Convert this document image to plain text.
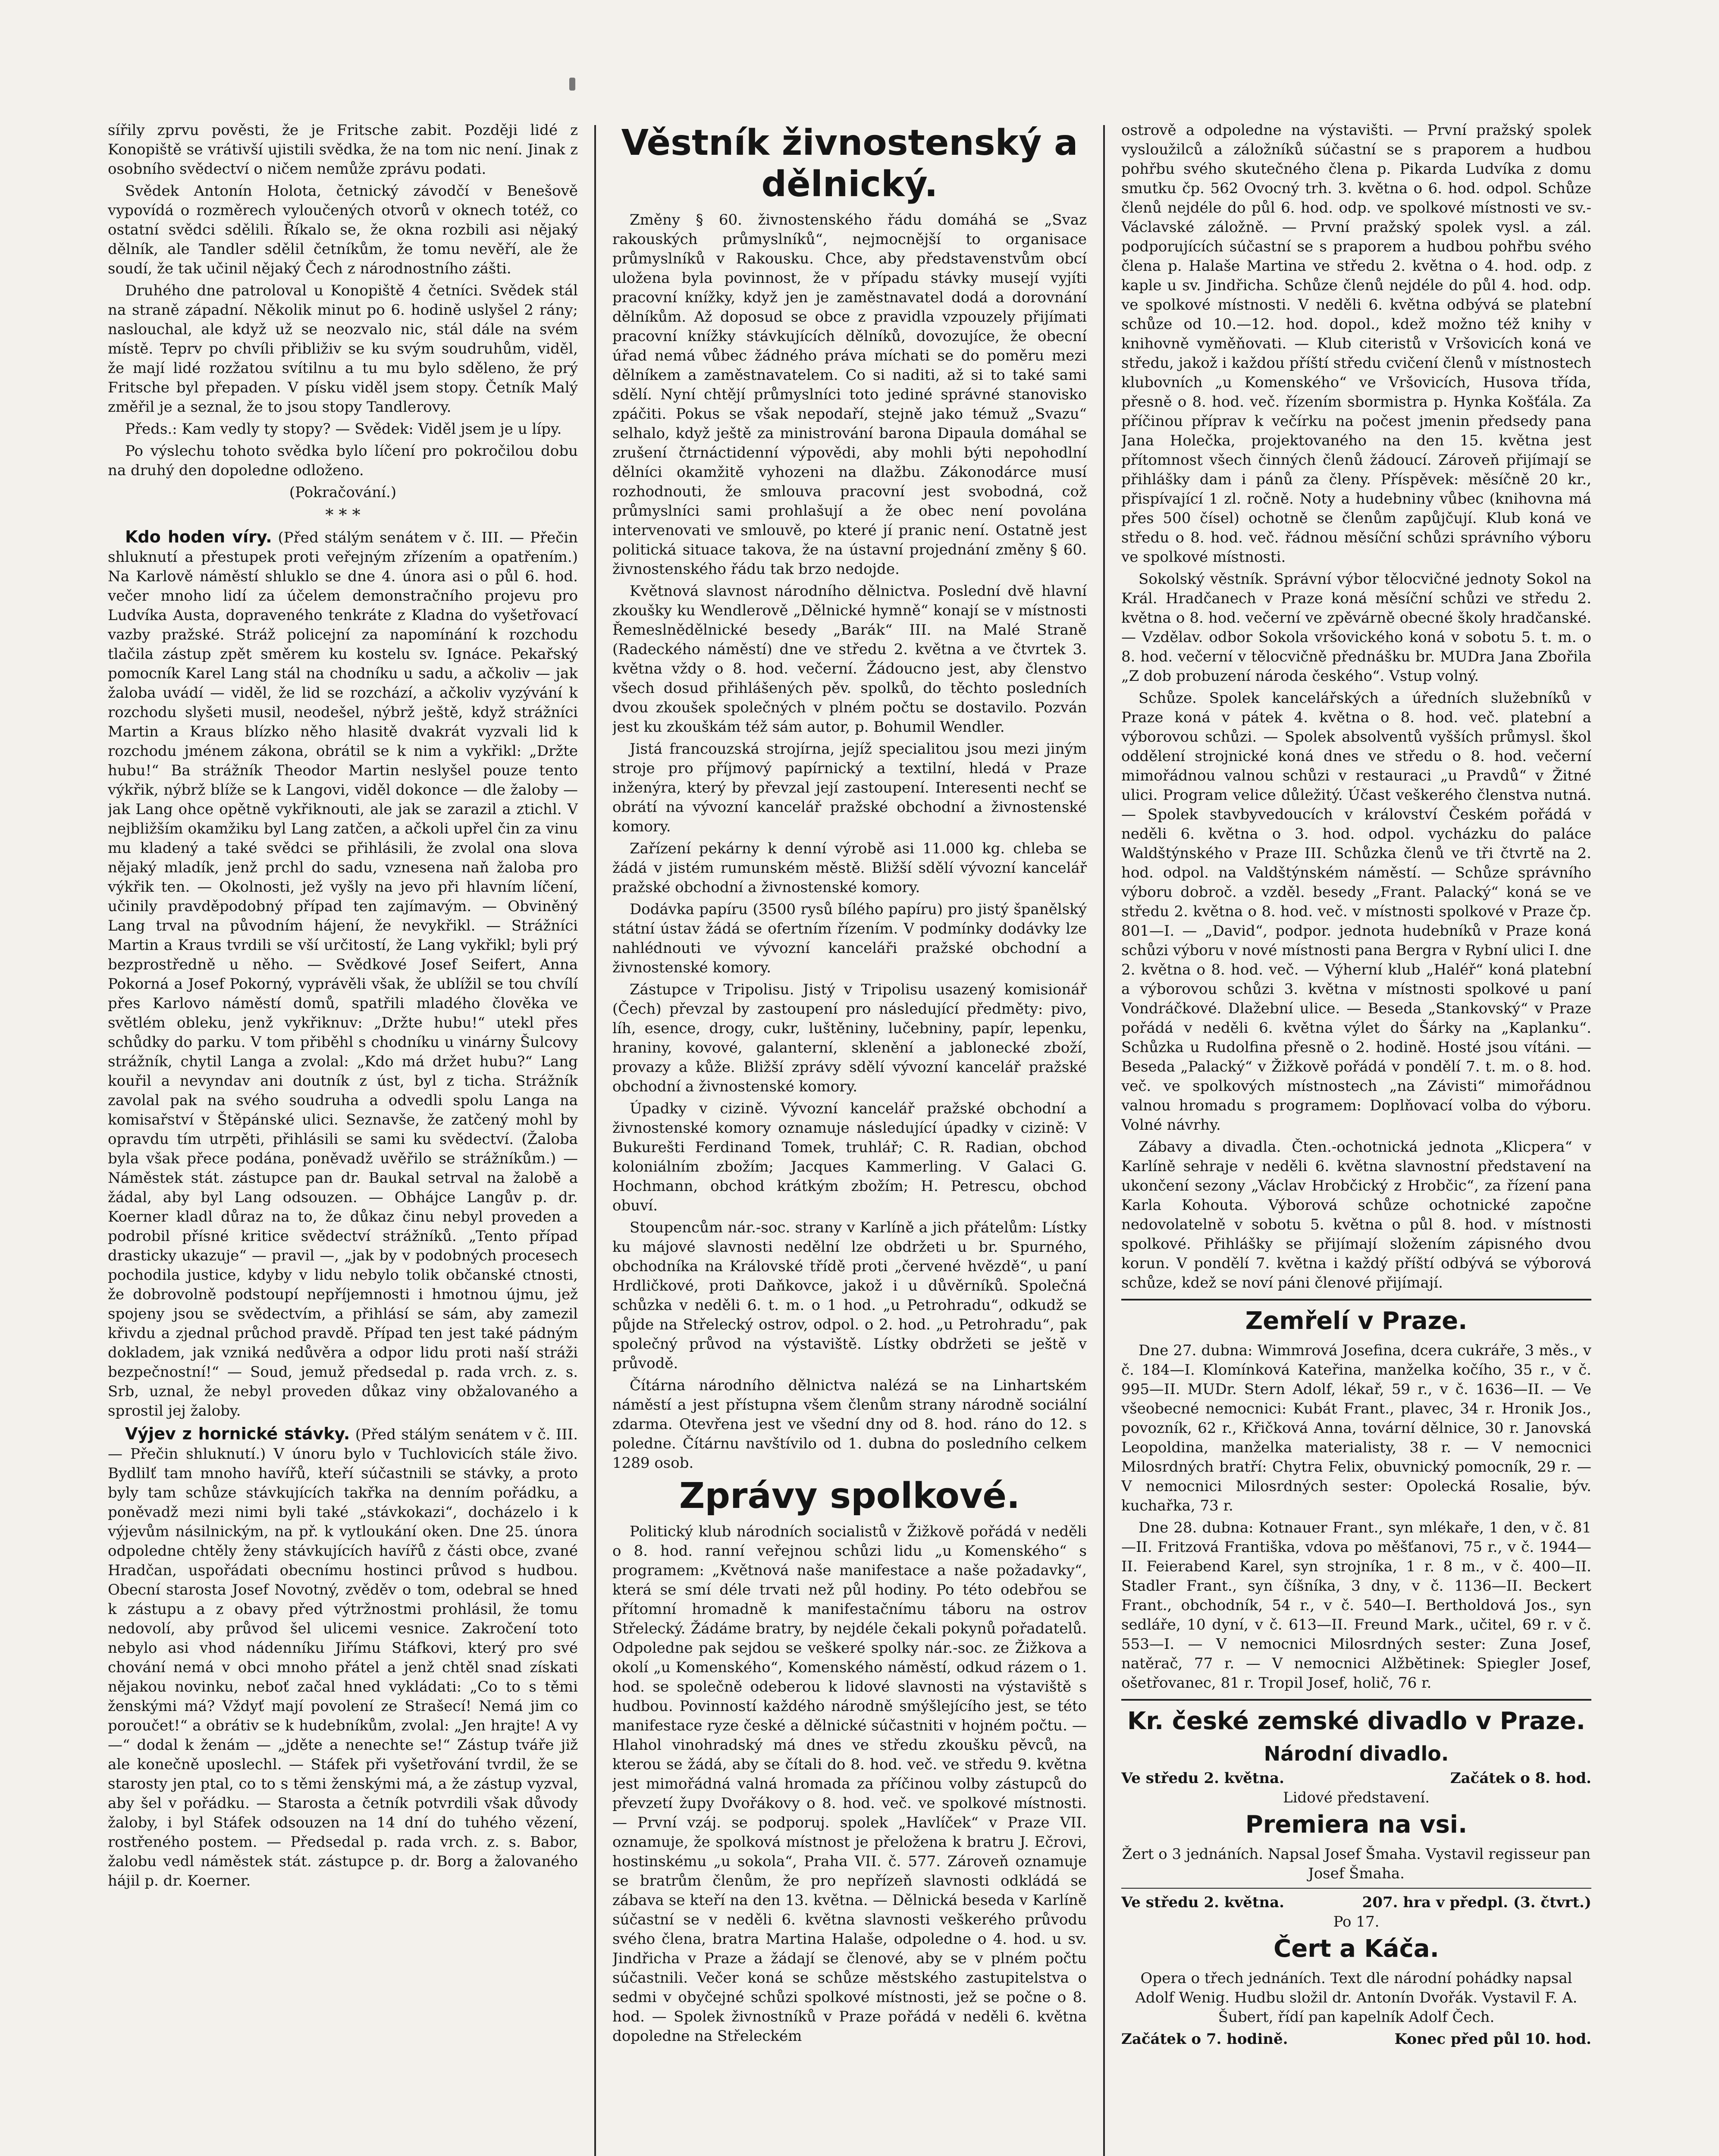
sířily zprvu pověsti, že je Fritsche zabit. Později lidé z Konopiště se vrátivší ujistili svědka, že na tom nic není. Jinak z osobního svědectví o ničem nemůže zprávu podati.

Svědek Antonín Holota, četnický závodčí v Benešově vypovídá o rozměrech vyloučených otvorů v oknech totéž, co ostatní svědci sdělili. Říkalo se, že okna rozbili asi nějaký dělník, ale Tandler sdělil četníkům, že tomu nevěří, ale že soudí, že tak učinil nějaký Čech z národnostního zášti.

Druhého dne patroloval u Konopiště 4 četníci. Svědek stál na straně západní. Několik minut po 6. hodině uslyšel 2 rány; naslouchal, ale když už se neozvalo nic, stál dále na svém místě. Teprv po chvíli přibliživ se ku svým soudruhům, viděl, že mají lidé rozžatou svítilnu a tu mu bylo sděleno, že prý Fritsche byl přepaden. V písku viděl jsem stopy. Četník Malý změřil je a seznal, že to jsou stopy Tandlerovy.

Předs.: Kam vedly ty stopy? — Svědek: Viděl jsem je u lípy.

Po výslechu tohoto svědka bylo líčení pro pokročilou dobu na druhý den dopoledne odloženo.

(Pokračování.)

* * *

Kdo hoden víry. (Před stálým senátem v č. III. — Přečin shluknutí a přestupek proti veřejným zřízením a opatřením.) Na Karlově náměstí shluklo se dne 4. února asi o půl 6. hod. večer mnoho lidí za účelem demonstračního projevu pro Ludvíka Austa, dopraveného tenkráte z Kladna do vyšetřovací vazby pražské. Stráž policejní za napomínání k rozchodu tlačila zástup zpět směrem ku kostelu sv. Ignáce. Pekařský pomocník Karel Lang stál na chodníku u sadu, a ačkoliv — jak žaloba uvádí — viděl, že lid se rozchází, a ačkoliv vyzývání k rozchodu slyšeti musil, neodešel, nýbrž ještě, když strážníci Martin a Kraus blízko něho hlasitě dvakrát vyzvali lid k rozchodu jménem zákona, obrátil se k nim a vykřikl: „Držte hubu!“ Ba strážník Theodor Martin neslyšel pouze tento výkřik, nýbrž blíže se k Langovi, viděl dokonce — dle žaloby — jak Lang ohce opětně vykřiknouti, ale jak se zarazil a ztichl. V nejbližším okamžiku byl Lang zatčen, a ačkoli upřel čin za vinu mu kladený a také svědci se přihlásili, že zvolal ona slova nějaký mladík, jenž prchl do sadu, vznesena naň žaloba pro výkřik ten. — Okolnosti, jež vyšly na jevo při hlavním líčení, učinily pravděpodobný případ ten zajímavým. — Obviněný Lang trval na původním hájení, že nevykřikl. — Strážníci Martin a Kraus tvrdili se vší určitostí, že Lang vykřikl; byli prý bezprostředně u něho. — Svědkové Josef Seifert, Anna Pokorná a Josef Pokorný, vyprávěli však, že ublížil se tou chvílí přes Karlovo náměstí domů, spatřili mladého člověka ve světlém obleku, jenž vykřiknuv: „Držte hubu!“ utekl přes schůdky do parku. V tom přiběhl s chodníku u vinárny Šulcovy strážník, chytil Langa a zvolal: „Kdo má držet hubu?“ Lang kouřil a nevyndav ani doutník z úst, byl z ticha. Strážník zavolal pak na svého soudruha a odvedli spolu Langa na komisařství v Štěpánské ulici. Seznavše, že zatčený mohl by opravdu tím utrpěti, přihlásili se sami ku svědectví. (Žaloba byla však přece podána, poněvadž uvěřilo se strážníkům.) — Náměstek stát. zástupce pan dr. Baukal setrval na žalobě a žádal, aby byl Lang odsouzen. — Obhájce Langův p. dr. Koerner kladl důraz na to, že důkaz činu nebyl proveden a podrobil přísné kritice svědectví strážníků. „Tento případ drasticky ukazuje“ — pravil —, „jak by v podobných procesech pochodila justice, kdyby v lidu nebylo tolik občanské ctnosti, že dobrovolně podstoupí nepříjemnosti i hmotnou újmu, jež spojeny jsou se svědectvím, a přihlásí se sám, aby zamezil křivdu a zjednal průchod pravdě. Případ ten jest také pádným dokladem, jak vzniká nedůvěra a odpor lidu proti naší stráži bezpečnostní!“ — Soud, jemuž předsedal p. rada vrch. z. s. Srb, uznal, že nebyl proveden důkaz viny obžalovaného a sprostil jej žaloby.

Výjev z hornické stávky. (Před stálým senátem v č. III. — Přečin shluknutí.) V únoru bylo v Tuchlovicích stále živo. Bydlilť tam mnoho havířů, kteří súčastnili se stávky, a proto byly tam schůze stávkujících takřka na denním pořádku, a poněvadž mezi nimi byli také „stávkokazi“, docházelo i k výjevům násilnickým, na př. k vytloukání oken. Dne 25. února odpoledne chtěly ženy stávkujících havířů z části obce, zvané Hradčan, uspořádati obecnímu hostinci průvod s hudbou. Obecní starosta Josef Novotný, zvěděv o tom, odebral se hned k zástupu a z obavy před výtržnostmi prohlásil, že tomu nedovolí, aby průvod šel ulicemi vesnice. Zakročení toto nebylo asi vhod nádenníku Jiřímu Stáfkovi, který pro své chování nemá v obci mnoho přátel a jenž chtěl snad získati nějakou novinku, neboť začal hned vykládati: „Co to s těmi ženskými má? Vždyť mají povolení ze Strašecí! Nemá jim co poroučet!“ a obrátiv se k hudebníkům, zvolal: „Jen hrajte! A vy —“ dodal k ženám — „jděte a nenechte se!“ Zástup tváře již ale konečně uposlechl. — Stáfek při vyšetřování tvrdil, že se starosty jen ptal, co to s těmi ženskými má, a že zástup vyzval, aby šel v pořádku. — Starosta a četník potvrdili však důvody žaloby, i byl Stáfek odsouzen na 14 dní do tuhého vězení, rostřeného postem. — Předsedal p. rada vrch. z. s. Babor, žalobu vedl náměstek stát. zástupce p. dr. Borg a žalovaného hájil p. dr. Koerner.

Věstník živnostenský a dělnický.

Změny § 60. živnostenského řádu domáhá se „Svaz rakouských průmyslníků“, nejmocnější to organisace průmyslníků v Rakousku. Chce, aby představenstvům obcí uložena byla povinnost, že v případu stávky musejí vyjíti pracovní knížky, když jen je zaměstnavatel dodá a dorovnání dělníkům. Až doposud se obce z pravidla vzpouzely přijímati pracovní knížky stávkujících dělníků, dovozujíce, že obecní úřad nemá vůbec žádného práva míchati se do poměru mezi dělníkem a zaměstnavatelem. Co si naditi, až si to také sami sdělí. Nyní chtějí průmyslníci toto jediné správné stanovisko zpáčiti. Pokus se však nepodaří, stejně jako témuž „Svazu“ selhalo, když ještě za ministrování barona Dipaula domáhal se zrušení čtrnáctidenní výpovědi, aby mohli býti nepohodlní dělníci okamžitě vyhozeni na dlažbu. Zákonodárce musí rozhodnouti, že smlouva pracovní jest svobodná, což průmyslníci sami prohlašují a že obec není povolána intervenovati ve smlouvě, po které jí pranic není. Ostatně jest politická situace takova, že na ústavní projednání změny § 60. živnostenského řádu tak brzo nedojde.

Květnová slavnost národního dělnictva. Poslední dvě hlavní zkoušky ku Wendlerově „Dělnické hymně“ konají se v místnosti Řemeslnědělnické besedy „Barák“ III. na Malé Straně (Radeckého náměstí) dne ve středu 2. května a ve čtvrtek 3. května vždy o 8. hod. večerní. Žádoucno jest, aby členstvo všech dosud přihlášených pěv. spolků, do těchto posledních dvou zkoušek společných v plném počtu se dostavilo. Pozván jest ku zkouškám též sám autor, p. Bohumil Wendler.

Jistá francouzská strojírna, jejíž specialitou jsou mezi jiným stroje pro příjmový papírnický a textilní, hledá v Praze inženýra, který by převzal její zastoupení. Interesenti nechť se obrátí na vývozní kancelář pražské obchodní a živnostenské komory.

Zařízení pekárny k denní výrobě asi 11.000 kg. chleba se žádá v jistém rumunském městě. Bližší sdělí vývozní kancelář pražské obchodní a živnostenské komory.

Dodávka papíru (3500 rysů bílého papíru) pro jistý španělský státní ústav žádá se ofertním řízením. V podmínky dodávky lze nahlédnouti ve vývozní kanceláři pražské obchodní a živnostenské komory.

Zástupce v Tripolisu. Jistý v Tripolisu usazený komisionář (Čech) převzal by zastoupení pro následující předměty: pivo, líh, esence, drogy, cukr, luštěniny, lučebniny, papír, lepenku, hraniny, kovové, galanterní, sklenění a jablonecké zboží, provazy a kůže. Bližší zprávy sdělí vývozní kancelář pražské obchodní a živnostenské komory.

Úpadky v cizině. Vývozní kancelář pražské obchodní a živnostenské komory oznamuje následující úpadky v cizině: V Bukurešti Ferdinand Tomek, truhlář; C. R. Radian, obchod koloniálním zbožím; Jacques Kammerling. V Galaci G. Hochmann, obchod krátkým zbožím; H. Petrescu, obchod obuví.

Stoupencům nár.-soc. strany v Karlíně a jich přátelům: Lístky ku májové slavnosti nedělní lze obdržeti u br. Spurného, obchodníka na Královské třídě proti „červené hvězdě“, u paní Hrdličkové, proti Daňkovce, jakož i u důvěrníků. Společná schůzka v neděli 6. t. m. o 1 hod. „u Petrohradu“, odkudž se půjde na Střelecký ostrov, odpol. o 2. hod. „u Petrohradu“, pak společný průvod na výstaviště. Lístky obdržeti se ještě v průvodě.

Čítárna národního dělnictva nalézá se na Linhartském náměstí a jest přístupna všem členům strany národně sociální zdarma. Otevřena jest ve všední dny od 8. hod. ráno do 12. s poledne. Čítárnu navštívilo od 1. dubna do posledního celkem 1289 osob.

Zprávy spolkové.

Politický klub národních socialistů v Žižkově pořádá v neděli o 8. hod. ranní veřejnou schůzi lidu „u Komenského“ s programem: „Květnová naše manifestace a naše požadavky“, která se smí déle trvati než půl hodiny. Po této odebřou se přítomní hromadně k manifestačnímu táboru na ostrov Střelecký. Žádáme bratry, by nejdéle čekali pokynů pořadatelů. Odpoledne pak sejdou se veškeré spolky nár.-soc. ze Žižkova a okolí „u Komenského“, Komenského náměstí, odkud rázem o 1. hod. se společně odeberou k lidové slavnosti na výstaviště s hudbou. Povinností každého národně smýšlejícího jest, se této manifestace ryze české a dělnické súčastniti v hojném počtu. — Hlahol vinohradský má dnes ve středu zkoušku pěvců, na kterou se žádá, aby se čítali do 8. hod. več. ve středu 9. května jest mimořádná valná hromada za příčinou volby zástupců do převzetí župy Dvořákovy o 8. hod. več. ve spolkové místnosti. — První vzáj. se podporuj. spolek „Havlíček“ v Praze VII. oznamuje, že spolková místnost je přeložena k bratru J. Ečrovi, hostinskému „u sokola“, Praha VII. č. 577. Zároveň oznamuje se bratrům členům, že pro nepřízeň slavnosti odkládá se zábava se kteří na den 13. května. — Dělnická beseda v Karlíně súčastní se v neděli 6. května slavnosti veškerého průvodu svého člena, bratra Martina Halaše, odpoledne o 4. hod. u sv. Jindřicha v Praze a žádají se členové, aby se v plném počtu súčastnili. Večer koná se schůze městského zastupitelstva o sedmi v obyčejné schůzi spolkové místnosti, jež se počne o 8. hod. — Spolek živnostníků v Praze pořádá v neděli 6. května dopoledne na Střeleckém

ostrově a odpoledne na výstavišti. — První pražský spolek vysloužilců a záložníků súčastní se s praporem a hudbou pohřbu svého skutečného člena p. Pikarda Ludvíka z domu smutku čp. 562 Ovocný trh. 3. května o 6. hod. odpol. Schůze členů nejdéle do půl 6. hod. odp. ve spolkové místnosti ve sv.-Václavské záložně. — První pražský spolek vysl. a zál. podporujících súčastní se s praporem a hudbou pohřbu svého člena p. Halaše Martina ve středu 2. května o 4. hod. odp. z kaple u sv. Jindřicha. Schůze členů nejdéle do půl 4. hod. odp. ve spolkové místnosti. V neděli 6. května odbývá se platební schůze od 10.—12. hod. dopol., kdež možno též knihy v knihovně vyměňovati. — Klub citeristů v Vršovicích koná ve středu, jakož i každou příští středu cvičení členů v místnostech klubovních „u Komenského“ ve Vršovicích, Husova třída, přesně o 8. hod. več. řízením sbormistra p. Hynka Košťála. Za příčinou příprav k večírku na počest jmenin předsedy pana Jana Holečka, projektovaného na den 15. května jest přítomnost všech činných členů žádoucí. Zároveň přijímají se přihlášky dam i pánů za členy. Příspěvek: měsíčně 20 kr., přispívající 1 zl. ročně. Noty a hudebniny vůbec (knihovna má přes 500 čísel) ochotně se členům zapůjčují. Klub koná ve středu o 8. hod. več. řádnou měsíční schůzi správního výboru ve spolkové místnosti.

Sokolský věstník. Správní výbor tělocvičné jednoty Sokol na Král. Hradčanech v Praze koná měsíční schůzi ve středu 2. května o 8. hod. večerní ve zpěvárně obecné školy hradčanské. — Vzdělav. odbor Sokola vršovického koná v sobotu 5. t. m. o 8. hod. večerní v tělocvičně přednášku br. MUDra Jana Zbořila „Z dob probuzení národa českého“. Vstup volný.

Schůze. Spolek kancelářských a úředních služebníků v Praze koná v pátek 4. května o 8. hod. več. platební a výborovou schůzi. — Spolek absolventů vyšších průmysl. škol oddělení strojnické koná dnes ve středu o 8. hod. večerní mimořádnou valnou schůzi v restauraci „u Pravdů“ v Žitné ulici. Program velice důležitý. Účast veškerého členstva nutná. — Spolek stavbyvedoucích v království Českém pořádá v neděli 6. května o 3. hod. odpol. vycházku do paláce Waldštýnského v Praze III. Schůzka členů ve tři čtvrtě na 2. hod. odpol. na Valdštýnském náměstí. — Schůze správního výboru dobroč. a vzděl. besedy „Frant. Palacký“ koná se ve středu 2. května o 8. hod. več. v místnosti spolkové v Praze čp. 801—I. — „David“, podpor. jednota hudebníků v Praze koná schůzi výboru v nové místnosti pana Bergra v Rybní ulici I. dne 2. května o 8. hod. več. — Výherní klub „Haléř“ koná platební a výborovou schůzi 3. května v místnosti spolkové u paní Vondráčkové. Dlažební ulice. — Beseda „Stankovský“ v Praze pořádá v neděli 6. května výlet do Šárky na „Kaplanku“. Schůzka u Rudolfina přesně o 2. hodině. Hosté jsou vítáni. — Beseda „Palacký“ v Žižkově pořádá v pondělí 7. t. m. o 8. hod. več. ve spolkových místnostech „na Závisti“ mimořádnou valnou hromadu s programem: Doplňovací volba do výboru. Volné návrhy.

Zábavy a divadla. Čten.-ochotnická jednota „Klicpera“ v Karlíně sehraje v neděli 6. května slavnostní představení na ukončení sezony „Václav Hrobčický z Hrobčic“, za řízení pana Karla Kohouta. Výborová schůze ochotnické započne nedovolatelně v sobotu 5. května o půl 8. hod. v místnosti spolkové. Přihlášky se přijímají složením zápisného dvou korun. V pondělí 7. května i každý příští odbývá se výborová schůze, kdež se noví páni členové přijímají.

Zemřelí v Praze.

Dne 27. dubna: Wimmrová Josefina, dcera cukráře, 3 měs., v č. 184—I. Klomínková Kateřina, manželka kočího, 35 r., v č. 995—II. MUDr. Stern Adolf, lékař, 59 r., v č. 1636—II. — Ve všeobecné nemocnici: Kubát Frant., plavec, 34 r. Hronik Jos., povozník, 62 r., Křičková Anna, tovární dělnice, 30 r. Janovská Leopoldina, manželka materialisty, 38 r. — V nemocnici Milosrdných bratří: Chytra Felix, obuvnický pomocník, 29 r. — V nemocnici Milosrdných sester: Opolecká Rosalie, býv. kuchařka, 73 r.

Dne 28. dubna: Kotnauer Frant., syn mlékaře, 1 den, v č. 81—II. Fritzová Františka, vdova po měšťanovi, 75 r., v č. 1944—II. Feierabend Karel, syn strojníka, 1 r. 8 m., v č. 400—II. Stadler Frant., syn číšníka, 3 dny, v č. 1136—II. Beckert Frant., obchodník, 54 r., v č. 540—I. Bertholdová Jos., syn sedláře, 10 dyní, v č. 613—II. Freund Mark., učitel, 69 r. v č. 553—I. — V nemocnici Milosrdných sester: Zuna Josef, natěrač, 77 r. — V nemocnici Alžbětinek: Spiegler Josef, ošetřovanec, 81 r. Tropil Josef, holič, 76 r.

Kr. české zemské divadlo v Praze.
Národní divadlo.
Ve středu 2. května.	Začátek o 8. hod.

Lidové představení.

Premiera na vsi.

Žert o 3 jednáních. Napsal Josef Šmaha. Vystavil regisseur pan Josef Šmaha.

Ve středu 2. května.	207. hra v předpl. (3. čtvrt.)

Po 17.

Čert a Káča.

Opera o třech jednáních. Text dle národní pohádky napsal Adolf Wenig. Hudbu složil dr. Antonín Dvořák. Vystavil F. A. Šubert, řídí pan kapelník Adolf Čech.

Začátek o 7. hodině.	Konec před půl 10. hod.
